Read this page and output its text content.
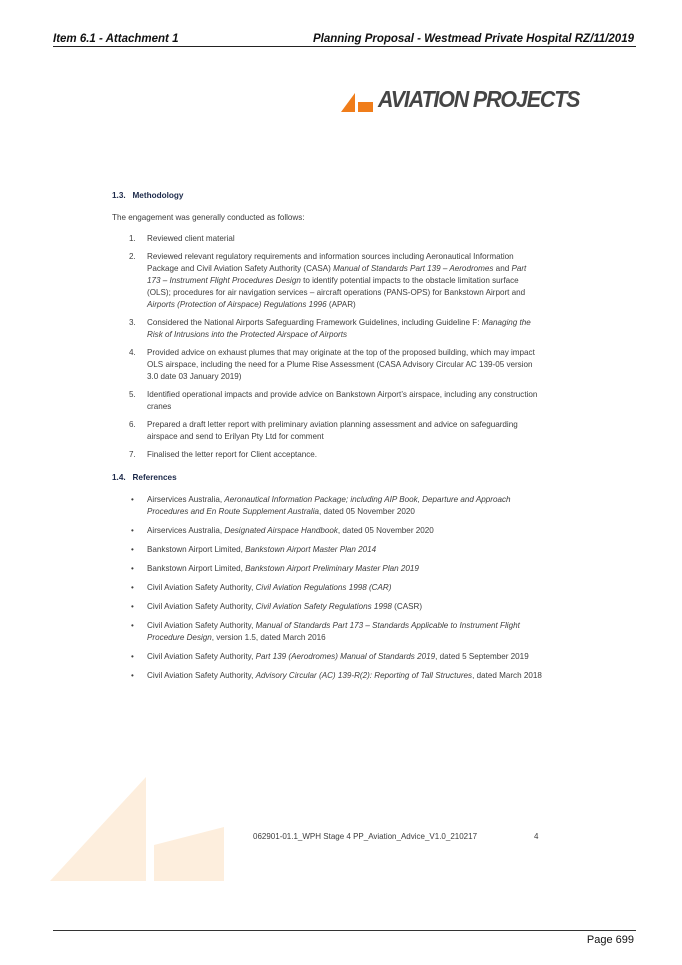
Item 6.1 - Attachment 1	Planning Proposal - Westmead Private Hospital RZ/11/2019
AVIATION PROJECTS
1.3.   Methodology
The engagement was generally conducted as follows:
1. Reviewed client material
2. Reviewed relevant regulatory requirements and information sources including Aeronautical Information Package and Civil Aviation Safety Authority (CASA) Manual of Standards Part 139 – Aerodromes and Part 173 – Instrument Flight Procedures Design to identify potential impacts to the obstacle limitation surface (OLS); procedures for air navigation services – aircraft operations (PANS-OPS) for Bankstown Airport and Airports (Protection of Airspace) Regulations 1996 (APAR)
3. Considered the National Airports Safeguarding Framework Guidelines, including Guideline F: Managing the Risk of Intrusions into the Protected Airspace of Airports
4. Provided advice on exhaust plumes that may originate at the top of the proposed building, which may impact OLS airspace, including the need for a Plume Rise Assessment (CASA Advisory Circular AC 139-05 version 3.0 date 03 January 2019)
5. Identified operational impacts and provide advice on Bankstown Airport’s airspace, including any construction cranes
6. Prepared a draft letter report with preliminary aviation planning assessment and advice on safeguarding airspace and send to Erilyan Pty Ltd for comment
7. Finalised the letter report for Client acceptance.
1.4.   References
• Airservices Australia, Aeronautical Information Package; including AIP Book, Departure and Approach Procedures and En Route Supplement Australia, dated 05 November 2020
• Airservices Australia, Designated Airspace Handbook, dated 05 November 2020
• Bankstown Airport Limited, Bankstown Airport Master Plan 2014
• Bankstown Airport Limited, Bankstown Airport Preliminary Master Plan 2019
• Civil Aviation Safety Authority, Civil Aviation Regulations 1998 (CAR)
• Civil Aviation Safety Authority, Civil Aviation Safety Regulations 1998 (CASR)
• Civil Aviation Safety Authority, Manual of Standards Part 173 – Standards Applicable to Instrument Flight Procedure Design, version 1.5, dated March 2016
• Civil Aviation Safety Authority, Part 139 (Aerodromes) Manual of Standards 2019, dated 5 September 2019
• Civil Aviation Safety Authority, Advisory Circular (AC) 139-R(2): Reporting of Tall Structures, dated March 2018
062901-01.1_WPH Stage 4 PP_Aviation_Advice_V1.0_210217	4
Page 699
